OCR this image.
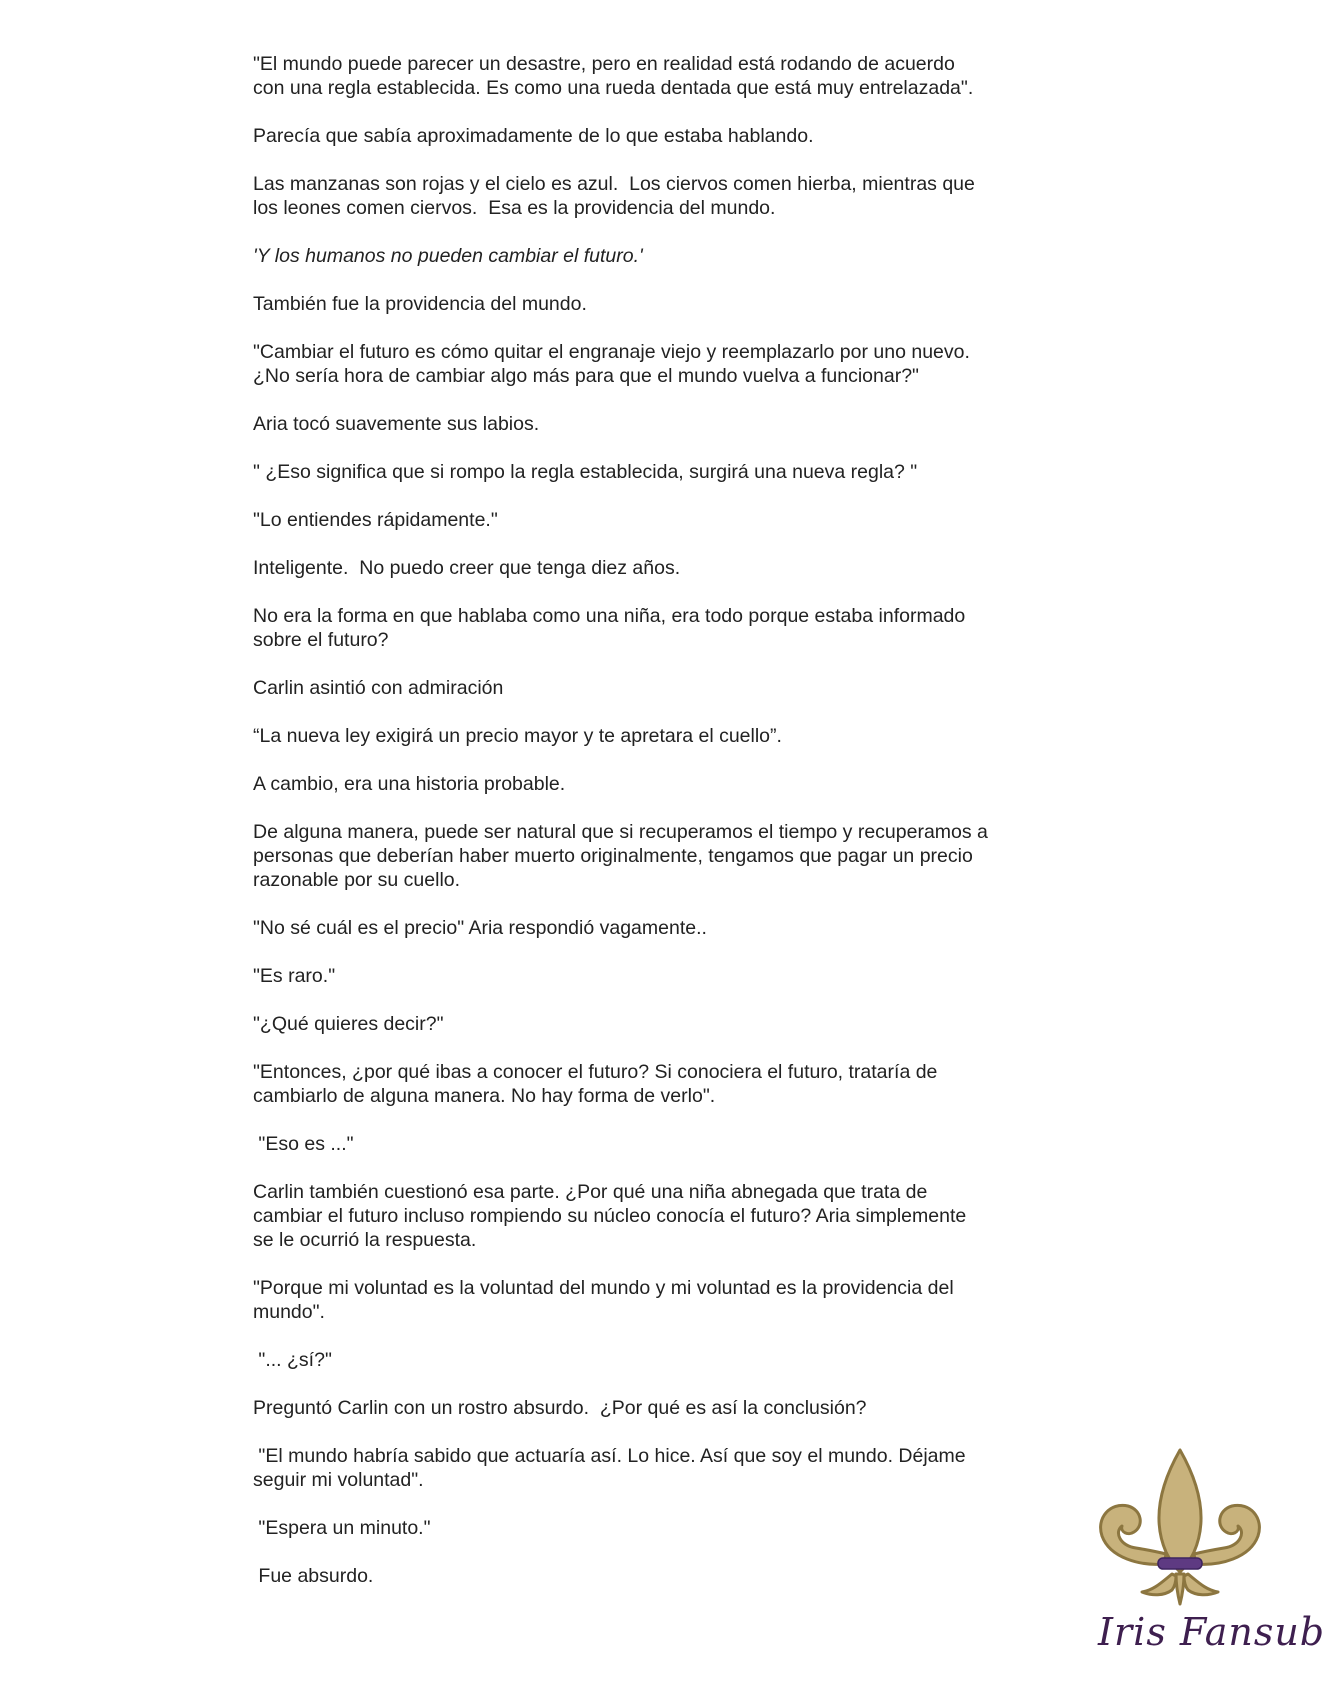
"El mundo puede parecer un desastre, pero en realidad está rodando de acuerdo
con una regla establecida. Es como una rueda dentada que está muy entrelazada".

Parecía que sabía aproximadamente de lo que estaba hablando.

Las manzanas son rojas y el cielo es azul.  Los ciervos comen hierba, mientras que
los leones comen ciervos.  Esa es la providencia del mundo.

'Y los humanos no pueden cambiar el futuro.'

También fue la providencia del mundo.

"Cambiar el futuro es cómo quitar el engranaje viejo y reemplazarlo por uno nuevo.
¿No sería hora de cambiar algo más para que el mundo vuelva a funcionar?"

Aria tocó suavemente sus labios.

" ¿Eso significa que si rompo la regla establecida, surgirá una nueva regla? "

"Lo entiendes rápidamente."

Inteligente.  No puedo creer que tenga diez años.

No era la forma en que hablaba como una niña, era todo porque estaba informado
sobre el futuro?

Carlin asintió con admiración

“La nueva ley exigirá un precio mayor y te apretara el cuello”.

A cambio, era una historia probable.

De alguna manera, puede ser natural que si recuperamos el tiempo y recuperamos a
personas que deberían haber muerto originalmente, tengamos que pagar un precio
razonable por su cuello.

"No sé cuál es el precio" Aria respondió vagamente..

"Es raro."

"¿Qué quieres decir?"

"Entonces, ¿por qué ibas a conocer el futuro? Si conociera el futuro, trataría de
cambiarlo de alguna manera. No hay forma de verlo".

"Eso es ..."

Carlin también cuestionó esa parte. ¿Por qué una niña abnegada que trata de
cambiar el futuro incluso rompiendo su núcleo conocía el futuro? Aria simplemente
se le ocurrió la respuesta.

"Porque mi voluntad es la voluntad del mundo y mi voluntad es la providencia del
mundo".

"... ¿sí?"

Preguntó Carlin con un rostro absurdo.  ¿Por qué es así la conclusión?

"El mundo habría sabido que actuaría así. Lo hice. Así que soy el mundo. Déjame
seguir mi voluntad".

"Espera un minuto."

Fue absurdo.

Iris Fansub
